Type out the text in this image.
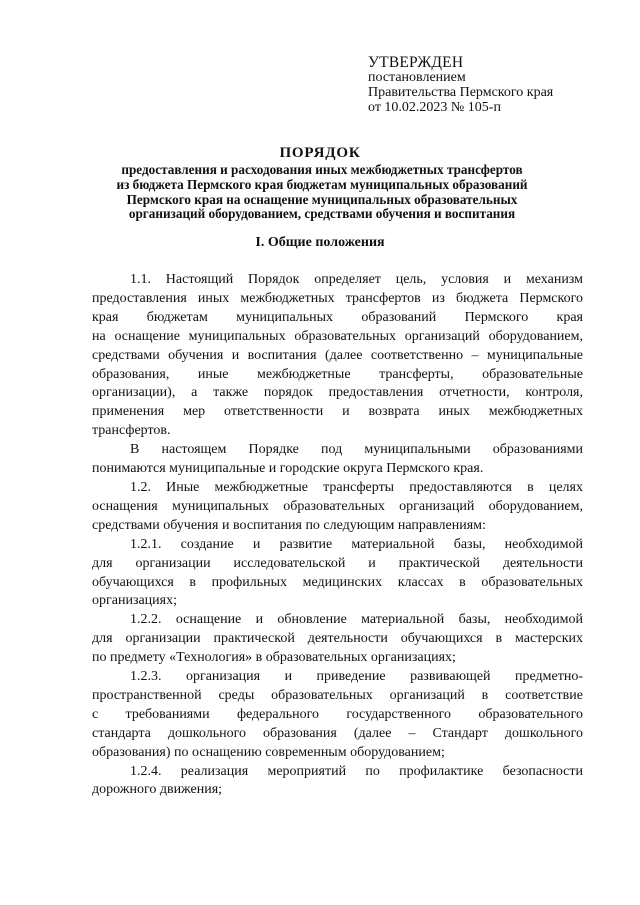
УТВЕРЖДЕН
постановлением
Правительства Пермского края
от 10.02.2023 № 105-п
ПОРЯДОК
предоставления и расходования иных межбюджетных трансфертов
из бюджета Пермского края бюджетам муниципальных образований
Пермского края на оснащение муниципальных образовательных
организаций оборудованием, средствами обучения и воспитания
I. Общие положения
1.1. Настоящий Порядок определяет цель, условия и механизм
предоставления иных межбюджетных трансфертов из бюджета Пермского
края бюджетам муниципальных образований Пермского края
на оснащение муниципальных образовательных организаций оборудованием,
средствами обучения и воспитания (далее соответственно – муниципальные
образования, иные межбюджетные трансферты, образовательные
организации), а также порядок предоставления отчетности, контроля,
применения мер ответственности и возврата иных межбюджетных
трансфертов.
В настоящем Порядке под муниципальными образованиями
понимаются муниципальные и городские округа Пермского края.
1.2. Иные межбюджетные трансферты предоставляются в целях
оснащения муниципальных образовательных организаций оборудованием,
средствами обучения и воспитания по следующим направлениям:
1.2.1. создание и развитие материальной базы, необходимой
для организации исследовательской и практической деятельности
обучающихся в профильных медицинских классах в образовательных
организациях;
1.2.2. оснащение и обновление материальной базы, необходимой
для организации практической деятельности обучающихся в мастерских
по предмету «Технология» в образовательных организациях;
1.2.3. организация и приведение развивающей предметно-
пространственной среды образовательных организаций в соответствие
с требованиями федерального государственного образовательного
стандарта дошкольного образования (далее – Стандарт дошкольного
образования) по оснащению современным оборудованием;
1.2.4. реализация мероприятий по профилактике безопасности
дорожного движения;
